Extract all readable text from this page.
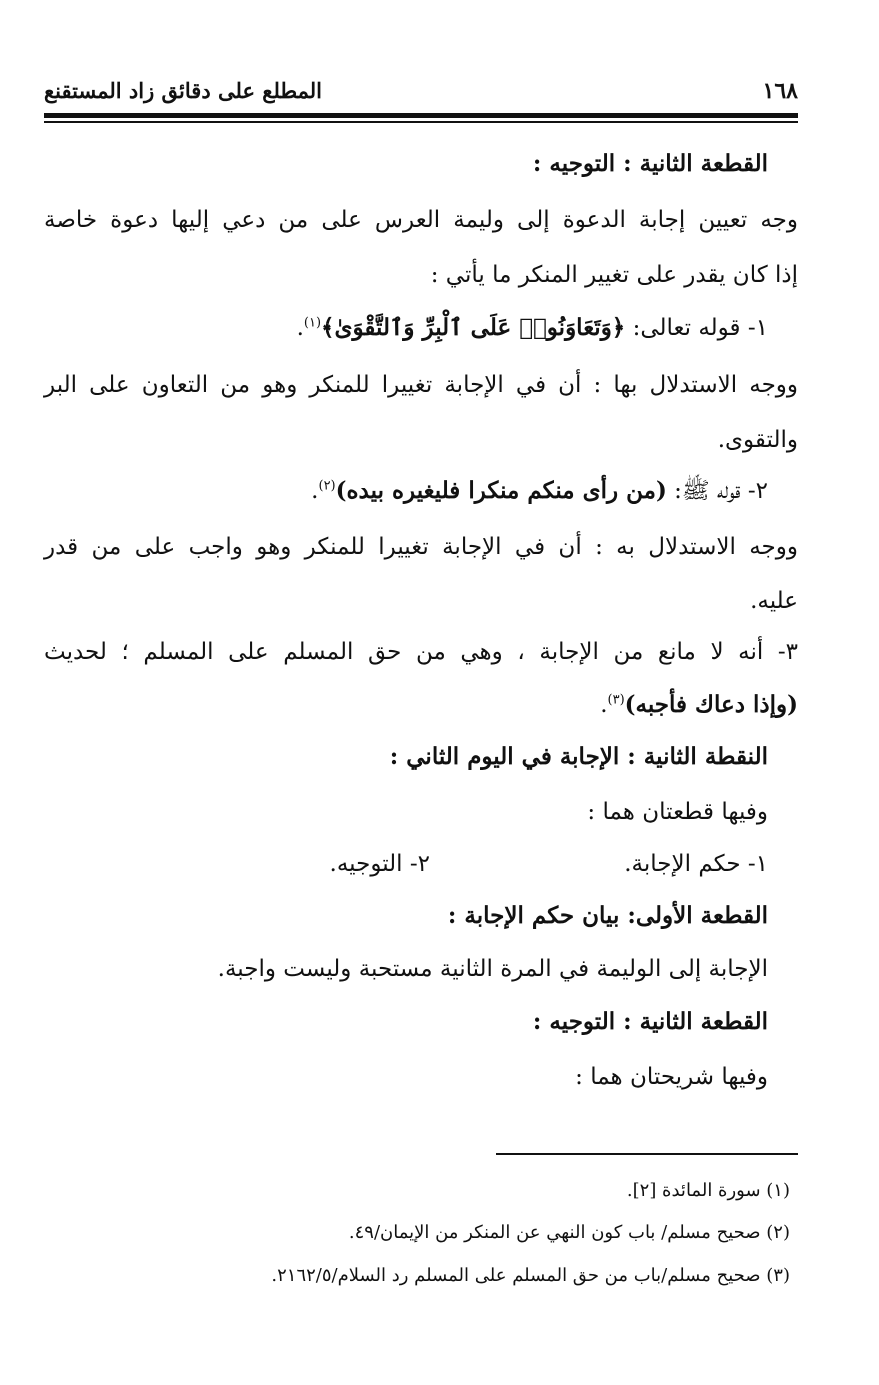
المطلع على دقائق زاد المستقنع	١٦٨
القطعة الثانية : التوجيه :
وجه تعيين إجابة الدعوة إلى وليمة العرس على من دعي إليها دعوة خاصة
إذا كان يقدر على تغيير المنكر ما يأتي :
١- قوله تعالى: ﴿وَتَعَاوَنُوا۟ عَلَى ٱلْبِرِّ وَٱلتَّقْوَىٰ﴾$^{(١)}$.
ووجه الاستدلال بها : أن في الإجابة تغييرا للمنكر وهو من التعاون على البر
والتقوى.
٢- قوله ﷺ: (من رأى منكم منكرا فليغيره بيده)$^{(٢)}$.
ووجه الاستدلال به : أن في الإجابة تغييرا للمنكر وهو واجب على من قدر
عليه.
٣- أنه لا مانع من الإجابة ، وهي من حق المسلم على المسلم ؛ لحديث
(وإذا دعاك فأجبه)$^{(٣)}$.
النقطة الثانية : الإجابة في اليوم الثاني :
وفيها قطعتان هما :
١- حكم الإجابة.
٢- التوجيه.
القطعة الأولى: بيان حكم الإجابة :
الإجابة إلى الوليمة في المرة الثانية مستحبة وليست واجبة.
القطعة الثانية : التوجيه :
وفيها شريحتان هما :
(١) سورة المائدة [٢].
(٢) صحيح مسلم/ باب كون النهي عن المنكر من الإيمان/٤٩.
(٣) صحيح مسلم/باب من حق المسلم على المسلم رد السلام/٢١٦٢/٥.
